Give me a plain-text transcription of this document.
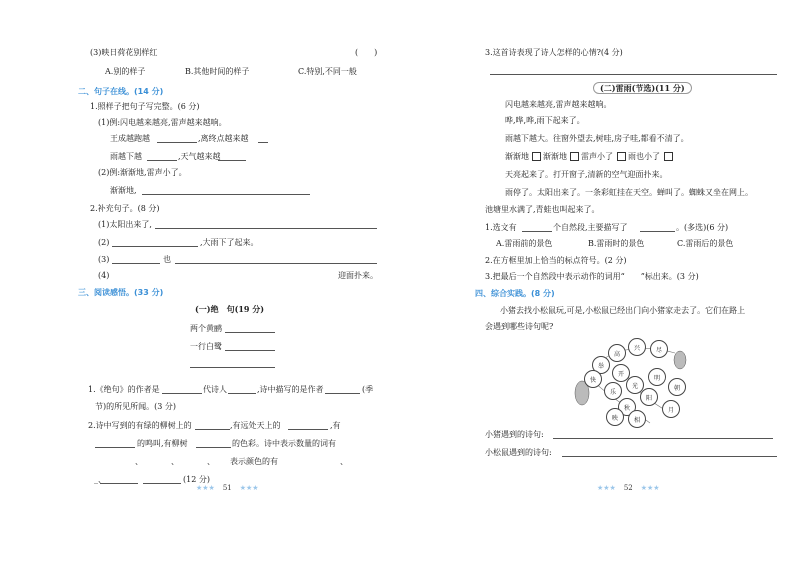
(3)映日荷花别样红	(　　)
A.别的样子	B.其他时间的样子	C.特别,不同一般
二、句子在线。(14 分)
1.照样子把句子写完整。(6 分)
(1)例:闪电越来越亮,雷声越来越响。
王成越跑越	,离终点越来越
雨越下越	,天气越来越
(2)例:渐渐地,雷声小了。
渐渐地,
2.补充句子。(8 分)
(1)太阳出来了,
(2)	,大雨下了起来。
(3)	也
(4)	迎面扑来。
三、阅读感悟。(33 分)
(一)绝　句(19 分)
两个黄鹂
一行白鹭
1.《绝句》的作者是	代诗人	,诗中描写的是作者	(季
节)的所见所闻。(3 分)
2.诗中写到的有绿的柳树上的	,有远处天上的	,有
的鸣叫,有柳树	的色彩。诗中表示数量的词有
、　　　　、　　　　、 表示颜色的有	、
_、	(12 分)
★★★ 51 ★★★
3.这首诗表现了诗人怎样的心情?(4 分)
(二)雷雨(节选)(11 分)
闪电越来越亮,雷声越来越响。
哗,哗,哗,雨下起来了。
雨越下越大。往窗外望去,树哇,房子哇,都看不清了。
渐渐地 渐渐地 雷声小了 雨也小了
天亮起来了。打开窗子,清新的空气迎面扑来。
雨停了。太阳出来了。一条彩虹挂在天空。蝉叫了。蜘蛛又坐在网上。
池塘里水满了,青蛙也叫起来了。
1.选文有	个自然段,主要描写了	。(多选)(6 分)
A.雷雨前的景色	B.雷雨时的景色	C.雷雨后的景色
2.在方框里加上恰当的标点符号。(2 分)
3.把最后一个自然段中表示动作的词用“　　”标出来。(3 分)
四、综合实践。(8 分)
小猪去找小松鼠玩,可是,小松鼠已经出门向小猪家走去了。它们在路上
会遇到哪些诗句呢?
高
兴	尽
举
开
快
乐
光
明
朝
阳
秋	月
相
映
小猪遇到的诗句:
小松鼠遇到的诗句:
★★★ 52 ★★★
